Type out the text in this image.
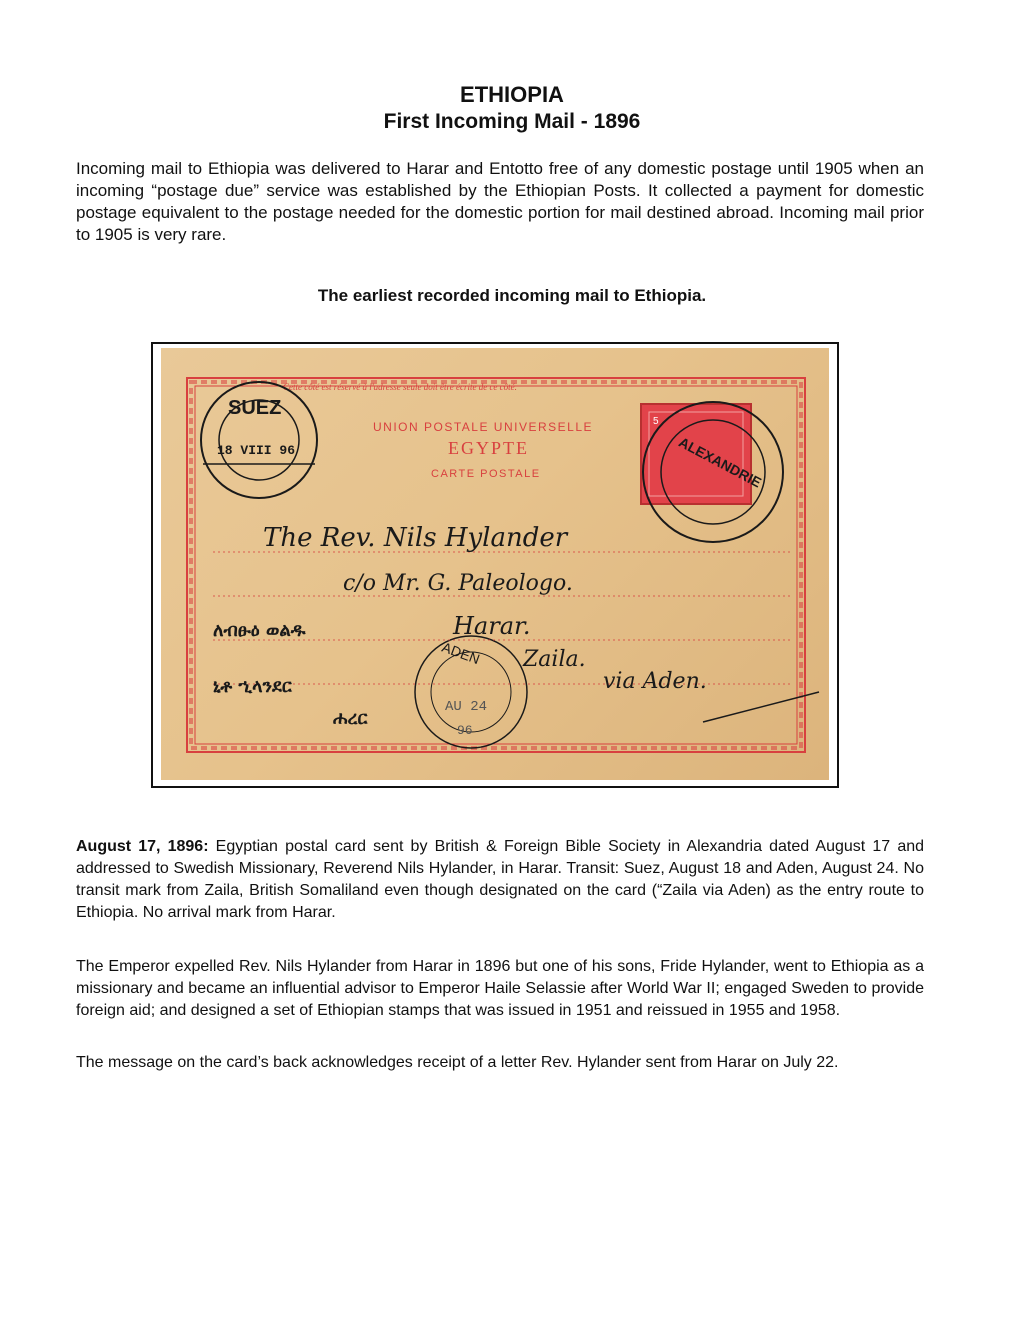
ETHIOPIA
First Incoming Mail - 1896
Incoming mail to Ethiopia was delivered to Harar and Entotto free of any domestic postage until 1905 when an incoming “postage due” service was established by the Ethiopian Posts. It collected a payment for domestic postage equivalent to the postage needed for the domestic portion for mail destined abroad. Incoming mail prior to 1905 is very rare.
The earliest recorded incoming mail to Ethiopia.
Cette côté est réservé à l'adresse seule doit être écrite de ce côté.
UNION POSTALE UNIVERSELLE
EGYPTE
CARTE POSTALE
5
SUEZ
18 VIII 96	ALEXANDRIE
ADEN
AU 24
96
The Rev. Nils Hylander
c/o Mr. G. Paleologo.
Harar.
Zaila.
via Aden.
ለብፁዕ ወልዱ
ኒቶ ኂላንደር
ሐረር
August 17, 1896: Egyptian postal card sent by British & Foreign Bible Society in Alexandria dated August 17 and addressed to Swedish Missionary, Reverend Nils Hylander, in Harar. Transit: Suez, August 18 and Aden, August 24. No transit mark from Zaila, British Somaliland even though designated on the card (“Zaila via Aden) as the entry route to Ethiopia. No arrival mark from Harar.
The Emperor expelled Rev. Nils Hylander from Harar in 1896 but one of his sons, Fride Hylander, went to Ethiopia as a missionary and became an influential advisor to Emperor Haile Selassie after World War II; engaged Sweden to provide foreign aid; and designed a set of Ethiopian stamps that was issued in 1951 and reissued in 1955 and 1958.
The message on the card’s back acknowledges receipt of a letter Rev. Hylander sent from Harar on July 22.
